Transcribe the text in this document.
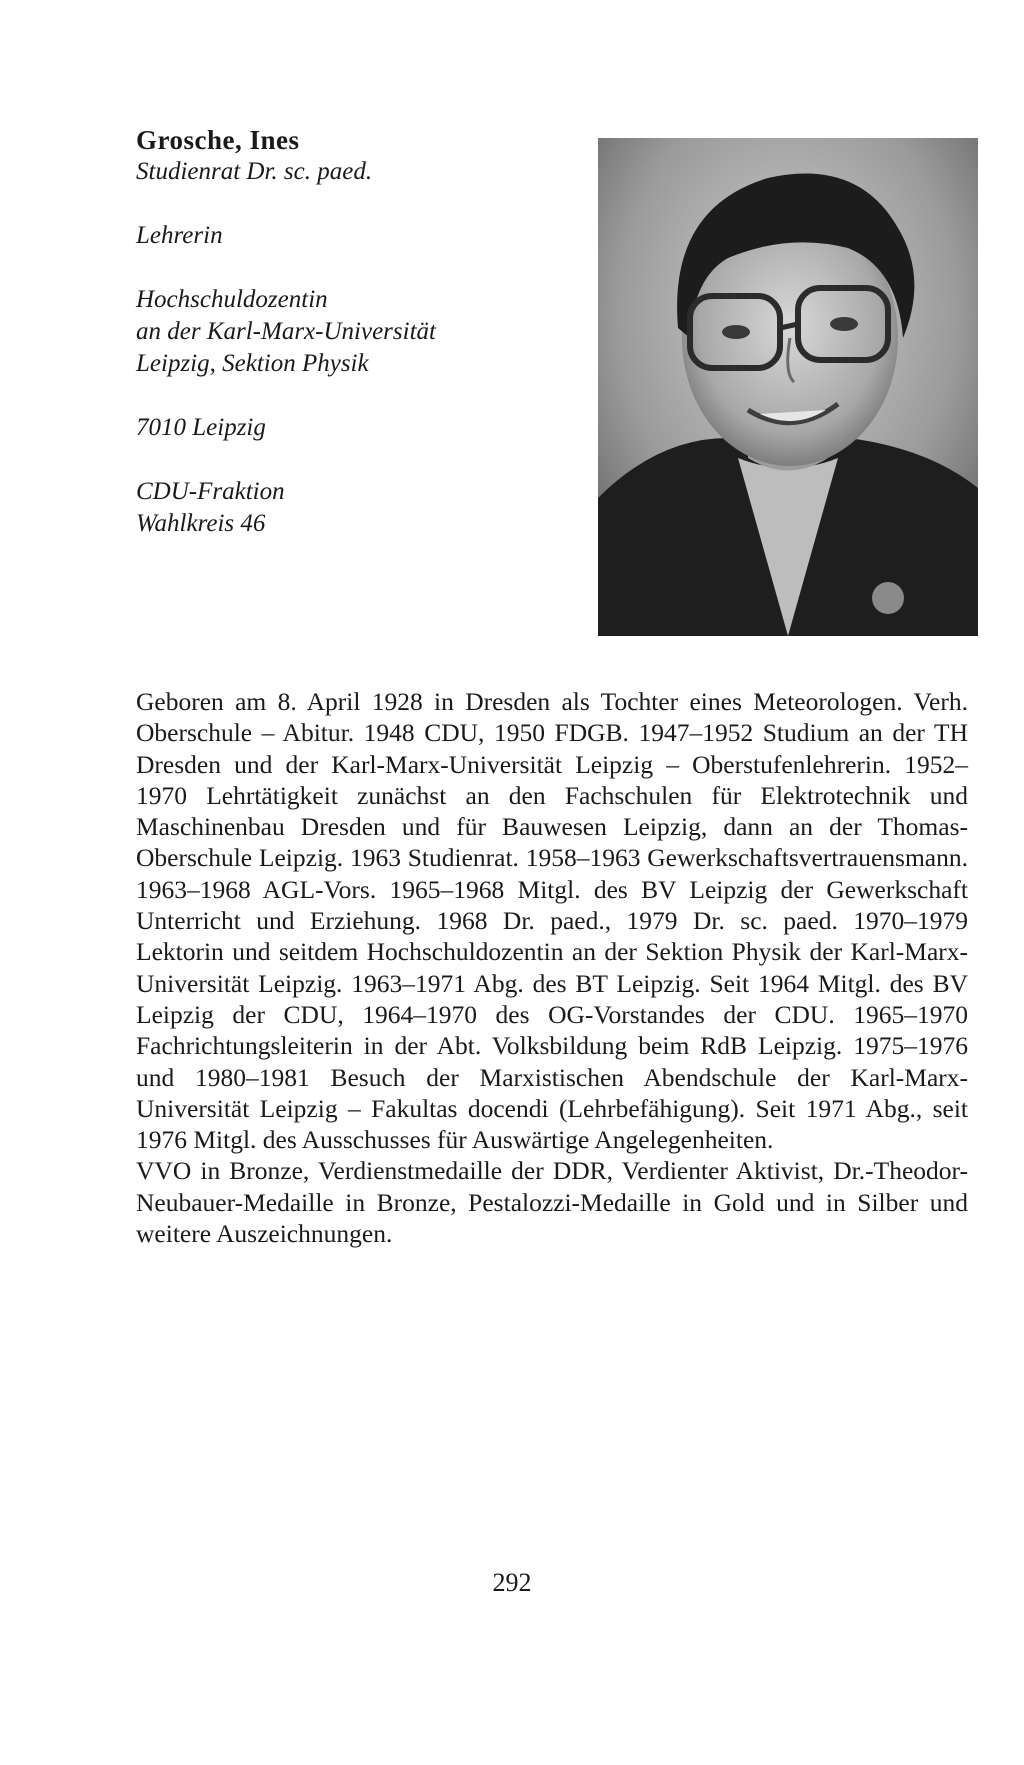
Grosche, Ines
Studienrat Dr. sc. paed.
Lehrerin
Hochschuldozentin
an der Karl-Marx-Universität
Leipzig, Sektion Physik
7010 Leipzig
CDU-Fraktion
Wahlkreis 46

Geboren am 8. April 1928 in Dresden als Tochter eines Meteorologen. Verh. Oberschule – Abitur. 1948 CDU, 1950 FDGB. 1947–1952 Studium an der TH Dresden und der Karl-Marx-Universität Leipzig – Oberstufenlehrerin. 1952–1970 Lehrtätigkeit zunächst an den Fachschulen für Elektrotechnik und Maschinenbau Dresden und für Bauwesen Leipzig, dann an der Thomas-Oberschule Leipzig. 1963 Studienrat. 1958–1963 Gewerkschaftsvertrauensmann. 1963–1968 AGL-Vors. 1965–1968 Mitgl. des BV Leipzig der Gewerkschaft Unterricht und Erziehung. 1968 Dr. paed., 1979 Dr. sc. paed. 1970–1979 Lektorin und seitdem Hochschuldozentin an der Sektion Physik der Karl-Marx-Universität Leipzig. 1963–1971 Abg. des BT Leipzig. Seit 1964 Mitgl. des BV Leipzig der CDU, 1964–1970 des OG-Vorstandes der CDU. 1965–1970 Fachrichtungsleiterin in der Abt. Volksbildung beim RdB Leipzig. 1975–1976 und 1980–1981 Besuch der Marxistischen Abendschule der Karl-Marx-Universität Leipzig – Fakultas docendi (Lehrbefähigung). Seit 1971 Abg., seit 1976 Mitgl. des Ausschusses für Auswärtige Angelegenheiten.

VVO in Bronze, Verdienstmedaille der DDR, Verdienter Aktivist, Dr.-Theodor-Neubauer-Medaille in Bronze, Pestalozzi-Medaille in Gold und in Silber und weitere Auszeichnungen.

292
